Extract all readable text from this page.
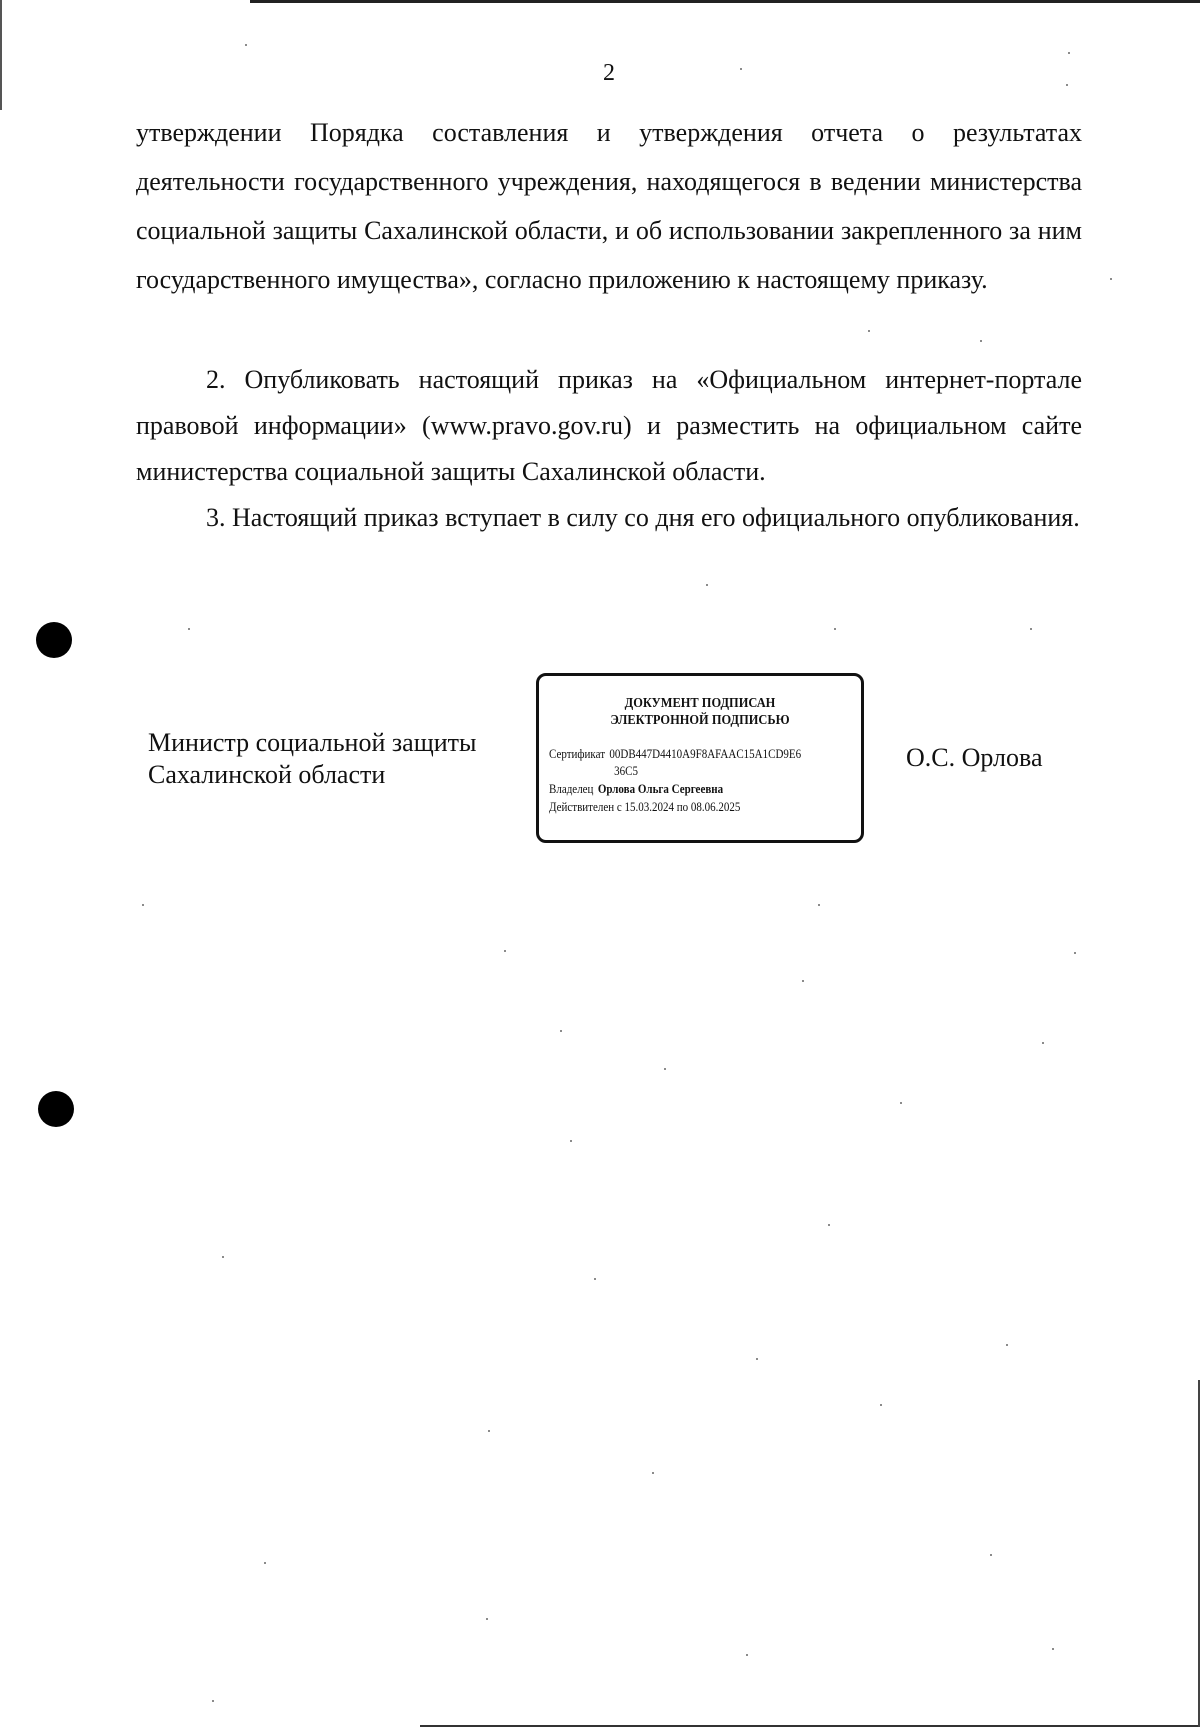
2

утверждении Порядка составления и утверждения отчета о результатах деятельности государственного учреждения, находящегося в ведении министерства социальной защиты Сахалинской области, и об использовании закрепленного за ним государственного имущества», согласно приложению к настоящему приказу.

2. Опубликовать настоящий приказ на «Официальном интернет-портале правовой информации» (www.pravo.gov.ru) и разместить на официальном сайте министерства социальной защиты Сахалинской области.

3. Настоящий приказ вступает в силу со дня его официального опубликования.

Министр социальной защиты
Сахалинской области
ДОКУМЕНТ ПОДПИСАН
ЭЛЕКТРОННОЙ ПОДПИСЬЮ

Сертификат 00DB447D4410A9F8AFAAC15A1CD9E6

36C5

Владелец Орлова Ольга Сергеевна

Действителен с 15.03.2024 по 08.06.2025

О.С. Орлова
